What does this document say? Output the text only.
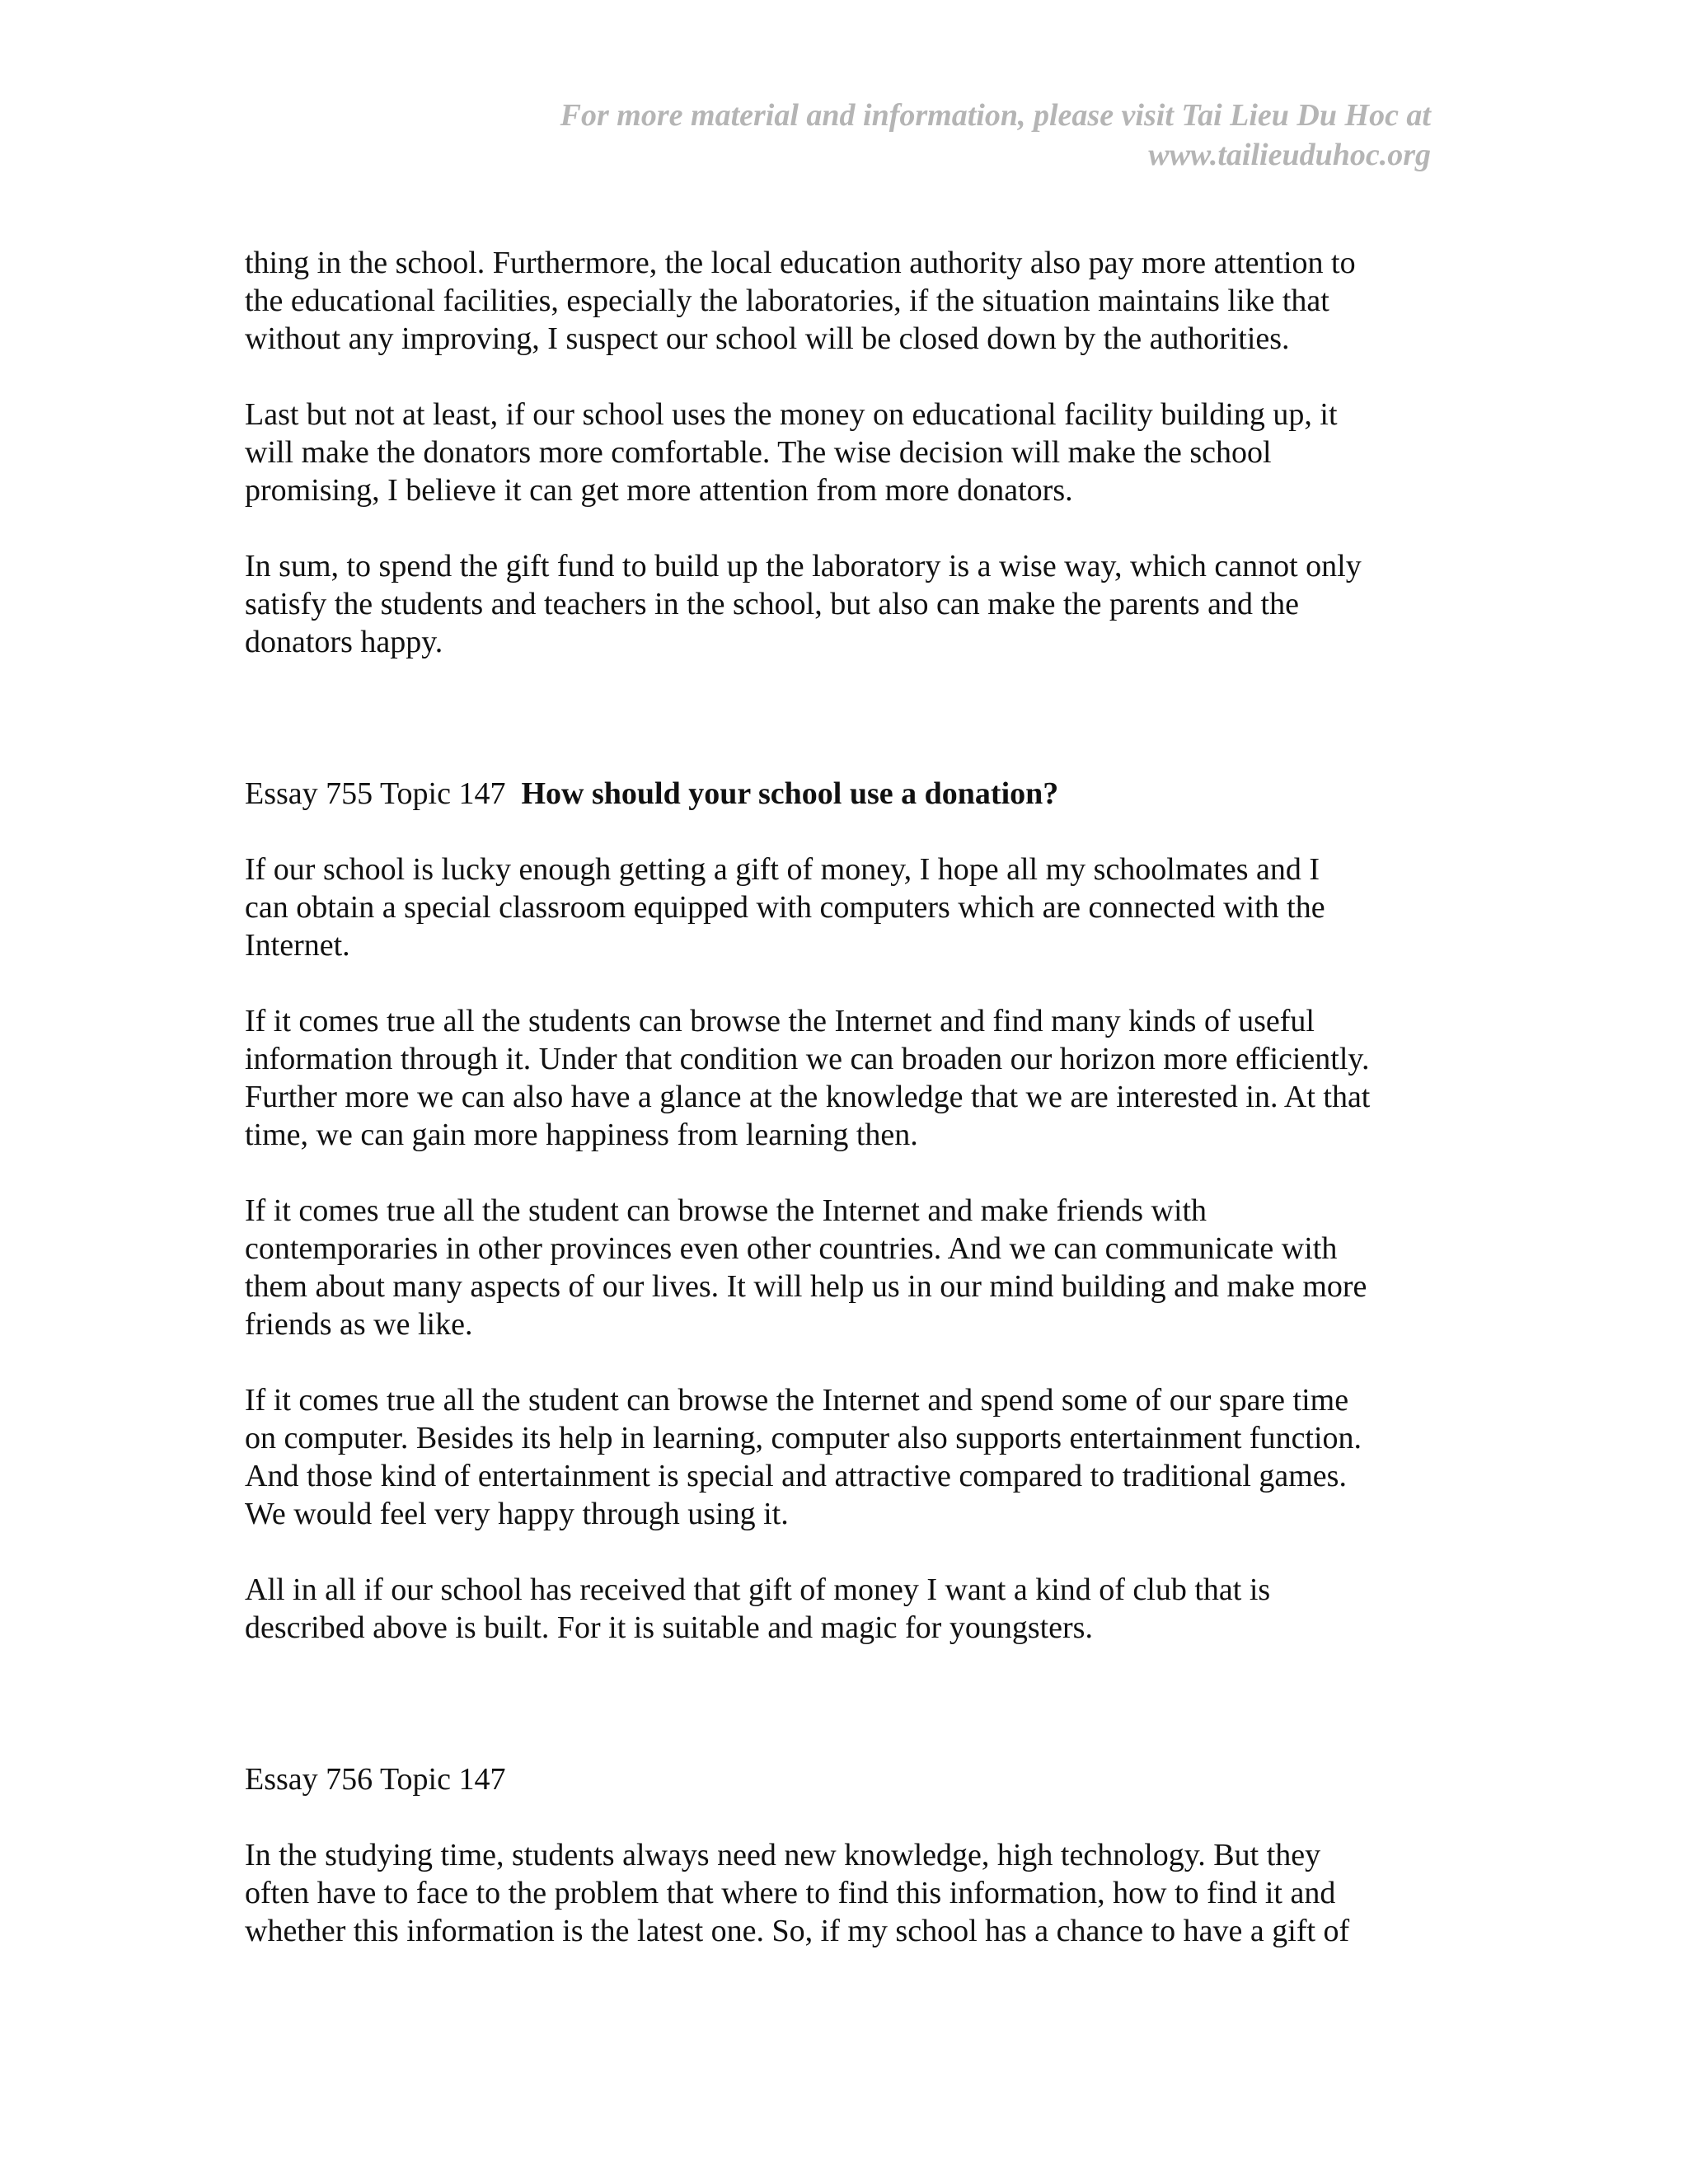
For more material and information, please visit Tai Lieu Du Hoc at
www.tailieuduhoc.org

thing in the school. Furthermore, the local education authority also pay more attention to
the educational facilities, especially the laboratories, if the situation maintains like that
without any improving, I suspect our school will be closed down by the authorities.

Last but not at least, if our school uses the money on educational facility building up, it
will make the donators more comfortable. The wise decision will make the school
promising, I believe it can get more attention from more donators.

In sum, to spend the gift fund to build up the laboratory is a wise way, which cannot only
satisfy the students and teachers in the school, but also can make the parents and the
donators happy.

Essay 755 Topic 147 How should your school use a donation?

If our school is lucky enough getting a gift of money, I hope all my schoolmates and I
can obtain a special classroom equipped with computers which are connected with the
Internet.

If it comes true all the students can browse the Internet and find many kinds of useful
information through it. Under that condition we can broaden our horizon more efficiently.
Further more we can also have a glance at the knowledge that we are interested in. At that
time, we can gain more happiness from learning then.

If it comes true all the student can browse the Internet and make friends with
contemporaries in other provinces even other countries. And we can communicate with
them about many aspects of our lives. It will help us in our mind building and make more
friends as we like.

If it comes true all the student can browse the Internet and spend some of our spare time
on computer. Besides its help in learning, computer also supports entertainment function.
And those kind of entertainment is special and attractive compared to traditional games.
We would feel very happy through using it.

All in all if our school has received that gift of money I want a kind of club that is
described above is built. For it is suitable and magic for youngsters.

Essay 756 Topic 147

In the studying time, students always need new knowledge, high technology. But they
often have to face to the problem that where to find this information, how to find it and
whether this information is the latest one. So, if my school has a chance to have a gift of
